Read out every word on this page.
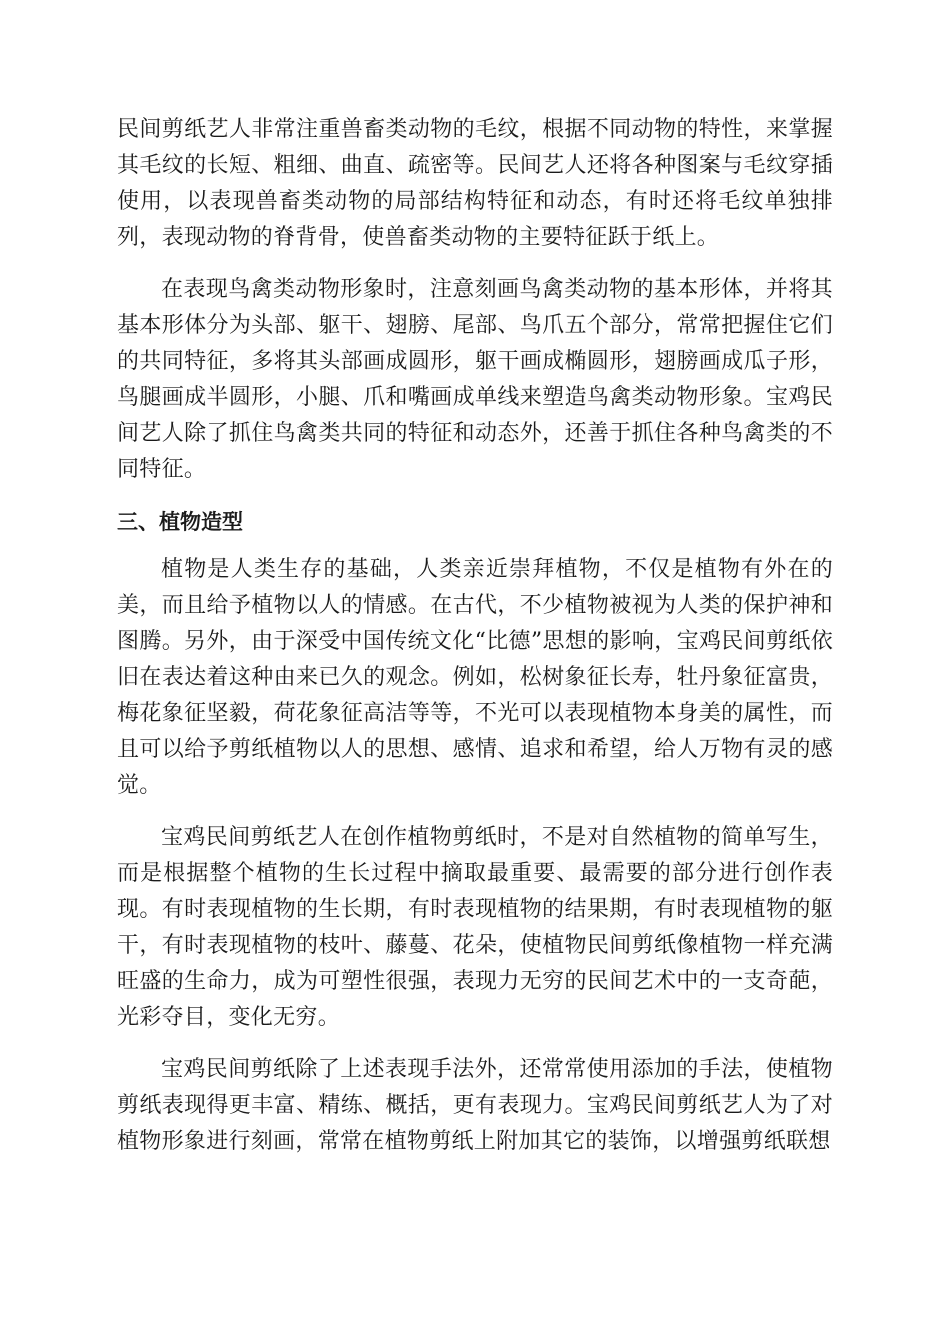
民间剪纸艺人非常注重兽畜类动物的毛纹，根据不同动物的特性，来掌握其毛纹的长短、粗细、曲直、疏密等。民间艺人还将各种图案与毛纹穿插使用，以表现兽畜类动物的局部结构特征和动态，有时还将毛纹单独排列，表现动物的脊背骨，使兽畜类动物的主要特征跃于纸上。

在表现鸟禽类动物形象时，注意刻画鸟禽类动物的基本形体，并将其基本形体分为头部、躯干、翅膀、尾部、鸟爪五个部分，常常把握住它们的共同特征，多将其头部画成圆形，躯干画成椭圆形，翅膀画成瓜子形，鸟腿画成半圆形，小腿、爪和嘴画成单线来塑造鸟禽类动物形象。宝鸡民间艺人除了抓住鸟禽类共同的特征和动态外，还善于抓住各种鸟禽类的不同特征。

三、植物造型

植物是人类生存的基础，人类亲近崇拜植物，不仅是植物有外在的美，而且给予植物以人的情感。在古代，不少植物被视为人类的保护神和图腾。另外，由于深受中国传统文化“比德”思想的影响，宝鸡民间剪纸依旧在表达着这种由来已久的观念。例如，松树象征长寿，牡丹象征富贵，梅花象征坚毅，荷花象征高洁等等，不光可以表现植物本身美的属性，而且可以给予剪纸植物以人的思想、感情、追求和希望，给人万物有灵的感觉。

宝鸡民间剪纸艺人在创作植物剪纸时，不是对自然植物的简单写生，而是根据整个植物的生长过程中摘取最重要、最需要的部分进行创作表现。有时表现植物的生长期，有时表现植物的结果期，有时表现植物的躯干，有时表现植物的枝叶、藤蔓、花朵，使植物民间剪纸像植物一样充满旺盛的生命力，成为可塑性很强，表现力无穷的民间艺术中的一支奇葩，光彩夺目，变化无穷。

宝鸡民间剪纸除了上述表现手法外，还常常使用添加的手法，使植物剪纸表现得更丰富、精练、概括，更有表现力。宝鸡民间剪纸艺人为了对植物形象进行刻画，常常在植物剪纸上附加其它的装饰，以增强剪纸联想
